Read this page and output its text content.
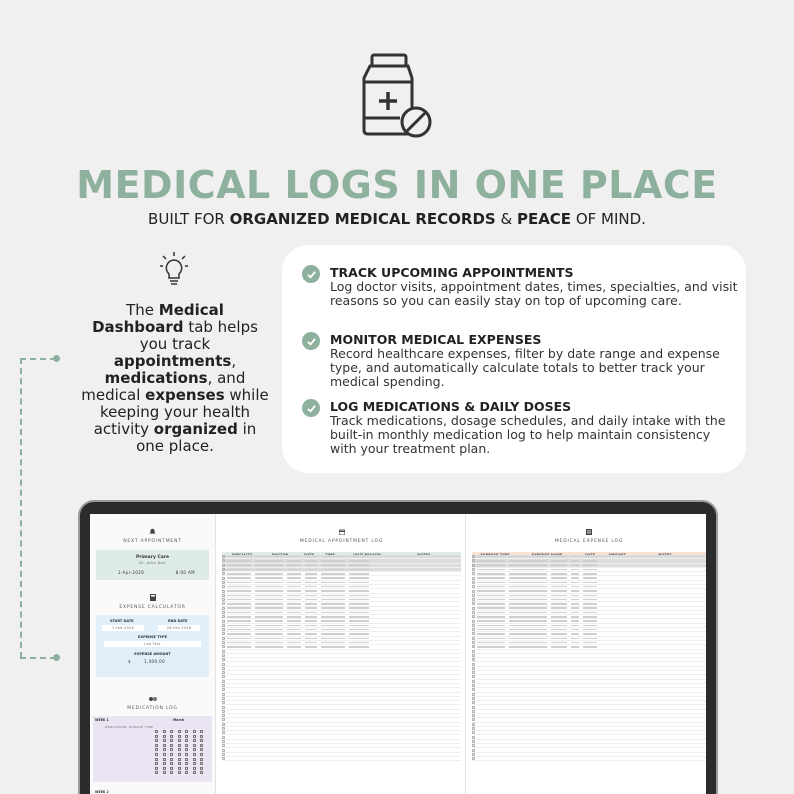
MEDICAL LOGS IN ONE PLACE
BUILT FOR ORGANIZED MEDICAL RECORDS & PEACE OF MIND.
The Medical Dashboard tab helps you track appointments, medications, and medical expenses while keeping your health activity organized in one place.
TRACK UPCOMING APPOINTMENTS
Log doctor visits, appointment dates, times, specialties, and visit reasons so you can easily stay on top of upcoming care.
MONITOR MEDICAL EXPENSES
Record healthcare expenses, filter by date range and expense type, and automatically calculate totals to better track your medical spending.
LOG MEDICATIONS & DAILY DOSES
Track medications, dosage schedules, and daily intake with the built-in monthly medication log to help maintain consistency with your treatment plan.
NEXT APPOINTMENT
Primary Care
Dr. John Doe
1-Apr-2026	8:00 AM
EXPENSE CALCULATOR
START DATE	END DATE
1-Feb-2026	28-Feb-2026
EXPENSE TYPE
Lab Test
EXPENSE AMOUNT
$	1,400.00
MEDICATION LOG
WEEK 1	March
MEDICATION DOSAGE TIME
WEEK 2
MEDICAL APPOINTMENT LOG	MEDICAL EXPENSE LOG
